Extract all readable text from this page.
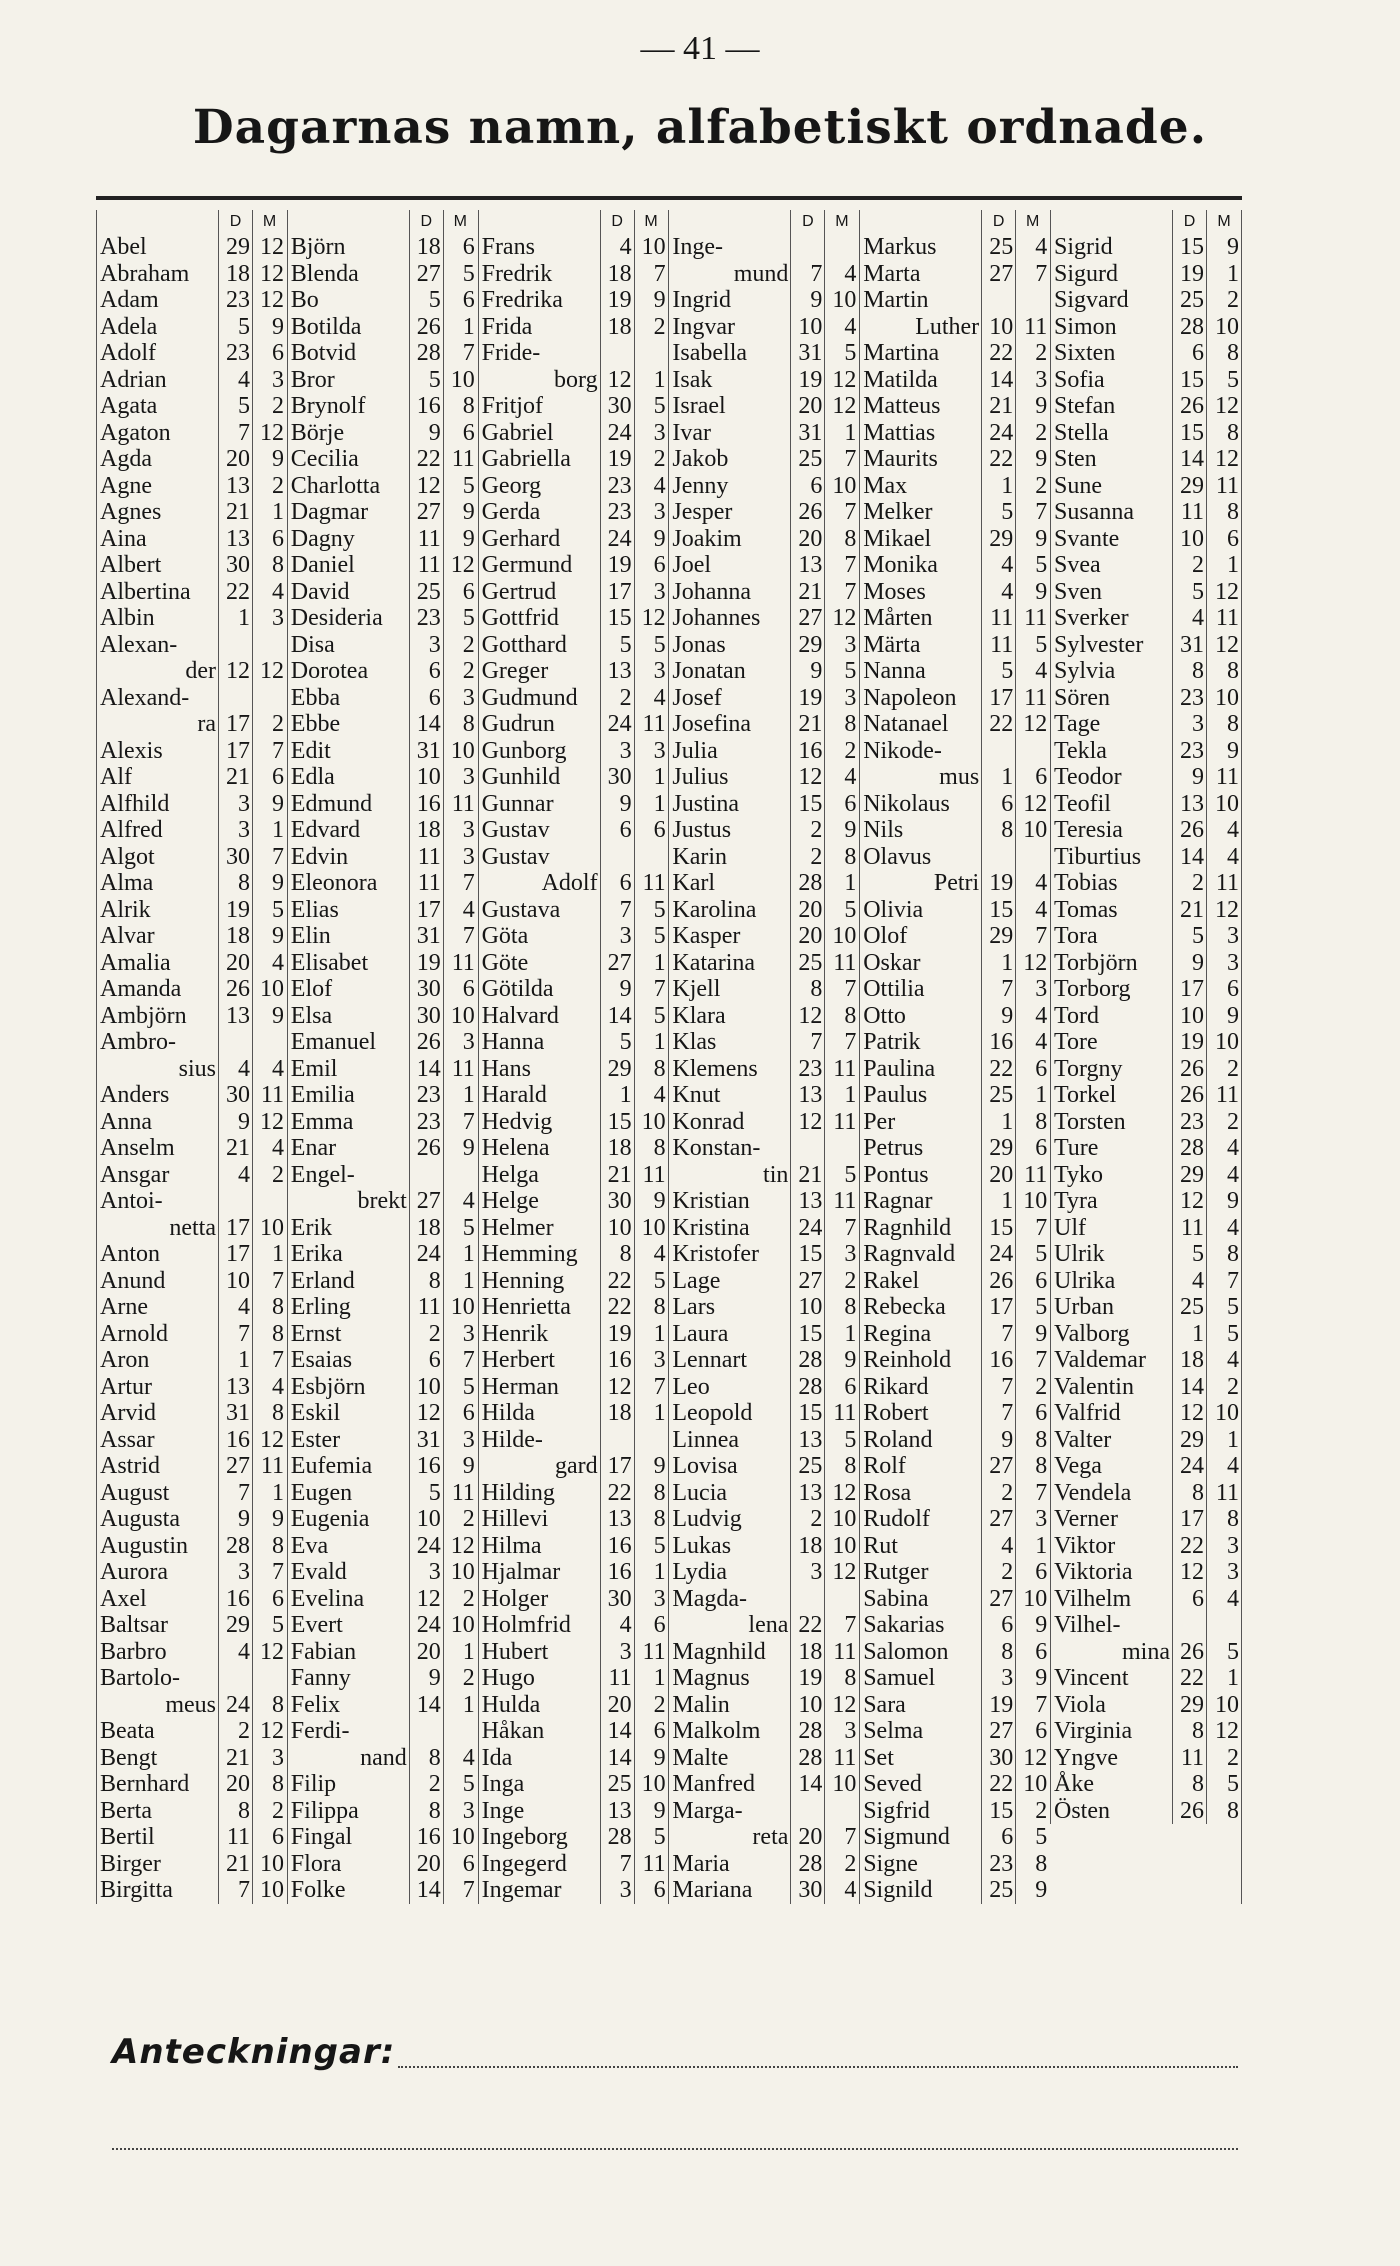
— 41 —
Dagarnas namn, alfabetiskt ordnade.
D	M
Abel	29 12
Abraham	18 12
Adam	23 12
Adela	5 9
Adolf	23 6
Adrian	4 3
Agata	5 2
Agaton	7 12
Agda	20 9
Agne	13 2
Agnes	21 1
Aina	13 6
Albert	30 8
Albertina	22 4
Albin	1 3
Alexan-
der 12 12
Alexand-
ra 17 2
Alexis	17 7
Alf	21 6
Alfhild	3 9
Alfred	3 1
Algot	30 7
Alma	8 9
Alrik	19 5
Alvar	18 9
Amalia	20 4
Amanda	26 10
Ambjörn	13 9
Ambro-
sius 4 4
Anders	30 11
Anna	9 12
Anselm	21 4
Ansgar	4 2
Antoi-
netta 17 10
Anton	17 1
Anund	10 7
Arne	4 8
Arnold	7 8
Aron	1 7
Artur	13 4
Arvid	31 8
Assar	16 12
Astrid	27 11
August	7 1
Augusta	9 9
Augustin	28 8
Aurora	3 7
Axel	16 6
Baltsar	29 5
Barbro	4 12
Bartolo-
meus 24 8
Beata	2 12
Bengt	21 3
Bernhard	20 8
Berta	8 2
Bertil	11 6
Birger	21 10
Birgitta	7 10
D	M
Björn	18 6
Blenda	27 5
Bo	5 6
Botilda	26 1
Botvid	28 7
Bror	5 10
Brynolf	16 8
Börje	9 6
Cecilia	22 11
Charlotta	12 5
Dagmar	27 9
Dagny	11 9
Daniel	11 12
David	25 6
Desideria	23 5
Disa	3 2
Dorotea	6 2
Ebba	6 3
Ebbe	14 8
Edit	31 10
Edla	10 3
Edmund	16 11
Edvard	18 3
Edvin	11 3
Eleonora	11 7
Elias	17 4
Elin	31 7
Elisabet	19 11
Elof	30 6
Elsa	30 10
Emanuel	26 3
Emil	14 11
Emilia	23 1
Emma	23 7
Enar	26 9
Engel-
brekt 27 4
Erik	18 5
Erika	24 1
Erland	8 1
Erling	11 10
Ernst	2 3
Esaias	6 7
Esbjörn	10 5
Eskil	12 6
Ester	31 3
Eufemia	16 9
Eugen	5 11
Eugenia	10 2
Eva	24 12
Evald	3 10
Evelina	12 2
Evert	24 10
Fabian	20 1
Fanny	9 2
Felix	14 1
Ferdi-
nand 8 4
Filip	2 5
Filippa	8 3
Fingal	16 10
Flora	20 6
Folke	14 7
D	M
Frans	4 10
Fredrik	18 7
Fredrika	19 9
Frida	18 2
Fride-
borg 12 1
Fritjof	30 5
Gabriel	24 3
Gabriella	19 2
Georg	23 4
Gerda	23 3
Gerhard	24 9
Germund	19 6
Gertrud	17 3
Gottfrid	15 12
Gotthard	5 5
Greger	13 3
Gudmund	2 4
Gudrun	24 11
Gunborg	3 3
Gunhild	30 1
Gunnar	9 1
Gustav	6 6
Gustav
Adolf 6 11
Gustava	7 5
Göta	3 5
Göte	27 1
Götilda	9 7
Halvard	14 5
Hanna	5 1
Hans	29 8
Harald	1 4
Hedvig	15 10
Helena	18 8
Helga	21 11
Helge	30 9
Helmer	10 10
Hemming	8 4
Henning	22 5
Henrietta	22 8
Henrik	19 1
Herbert	16 3
Herman	12 7
Hilda	18 1
Hilde-
gard 17 9
Hilding	22 8
Hillevi	13 8
Hilma	16 5
Hjalmar	16 1
Holger	30 3
Holmfrid	4 6
Hubert	3 11
Hugo	11 1
Hulda	20 2
Håkan	14 6
Ida	14 9
Inga	25 10
Inge	13 9
Ingeborg	28 5
Ingegerd	7 11
Ingemar	3 6
D	M
Inge-
mund 7 4
Ingrid	9 10
Ingvar	10 4
Isabella	31 5
Isak	19 12
Israel	20 12
Ivar	31 1
Jakob	25 7
Jenny	6 10
Jesper	26 7
Joakim	20 8
Joel	13 7
Johanna	21 7
Johannes	27 12
Jonas	29 3
Jonatan	9 5
Josef	19 3
Josefina	21 8
Julia	16 2
Julius	12 4
Justina	15 6
Justus	2 9
Karin	2 8
Karl	28 1
Karolina	20 5
Kasper	20 10
Katarina	25 11
Kjell	8 7
Klara	12 8
Klas	7 7
Klemens	23 11
Knut	13 1
Konrad	12 11
Konstan-
tin 21 5
Kristian	13 11
Kristina	24 7
Kristofer	15 3
Lage	27 2
Lars	10 8
Laura	15 1
Lennart	28 9
Leo	28 6
Leopold	15 11
Linnea	13 5
Lovisa	25 8
Lucia	13 12
Ludvig	2 10
Lukas	18 10
Lydia	3 12
Magda-
lena 22 7
Magnhild	18 11
Magnus	19 8
Malin	10 12
Malkolm	28 3
Malte	28 11
Manfred	14 10
Marga-
reta 20 7
Maria	28 2
Mariana	30 4
D	M
Markus	25 4
Marta	27 7
Martin
Luther 10 11
Martina	22 2
Matilda	14 3
Matteus	21 9
Mattias	24 2
Maurits	22 9
Max	1 2
Melker	5 7
Mikael	29 9
Monika	4 5
Moses	4 9
Mårten	11 11
Märta	11 5
Nanna	5 4
Napoleon	17 11
Natanael	22 12
Nikode-
mus 1 6
Nikolaus	6 12
Nils	8 10
Olavus
Petri 19 4
Olivia	15 4
Olof	29 7
Oskar	1 12
Ottilia	7 3
Otto	9 4
Patrik	16 4
Paulina	22 6
Paulus	25 1
Per	1 8
Petrus	29 6
Pontus	20 11
Ragnar	1 10
Ragnhild	15 7
Ragnvald	24 5
Rakel	26 6
Rebecka	17 5
Regina	7 9
Reinhold	16 7
Rikard	7 2
Robert	7 6
Roland	9 8
Rolf	27 8
Rosa	2 7
Rudolf	27 3
Rut	4 1
Rutger	2 6
Sabina	27 10
Sakarias	6 9
Salomon	8 6
Samuel	3 9
Sara	19 7
Selma	27 6
Set	30 12
Seved	22 10
Sigfrid	15 2
Sigmund	6 5
Signe	23 8
Signild	25 9
D	M
Sigrid	15 9
Sigurd	19 1
Sigvard	25 2
Simon	28 10
Sixten	6 8
Sofia	15 5
Stefan	26 12
Stella	15 8
Sten	14 12
Sune	29 11
Susanna	11 8
Svante	10 6
Svea	2 1
Sven	5 12
Sverker	4 11
Sylvester	31 12
Sylvia	8 8
Sören	23 10
Tage	3 8
Tekla	23 9
Teodor	9 11
Teofil	13 10
Teresia	26 4
Tiburtius	14 4
Tobias	2 11
Tomas	21 12
Tora	5 3
Torbjörn	9 3
Torborg	17 6
Tord	10 9
Tore	19 10
Torgny	26 2
Torkel	26 11
Torsten	23 2
Ture	28 4
Tyko	29 4
Tyra	12 9
Ulf	11 4
Ulrik	5 8
Ulrika	4 7
Urban	25 5
Valborg	1 5
Valdemar	18 4
Valentin	14 2
Valfrid	12 10
Valter	29 1
Vega	24 4
Vendela	8 11
Verner	17 8
Viktor	22 3
Viktoria	12 3
Vilhelm	6 4
Vilhel-
mina 26 5
Vincent	22 1
Viola	29 10
Virginia	8 12
Yngve	11 2
Åke	8 5
Östen	26 8
Anteckningar:
